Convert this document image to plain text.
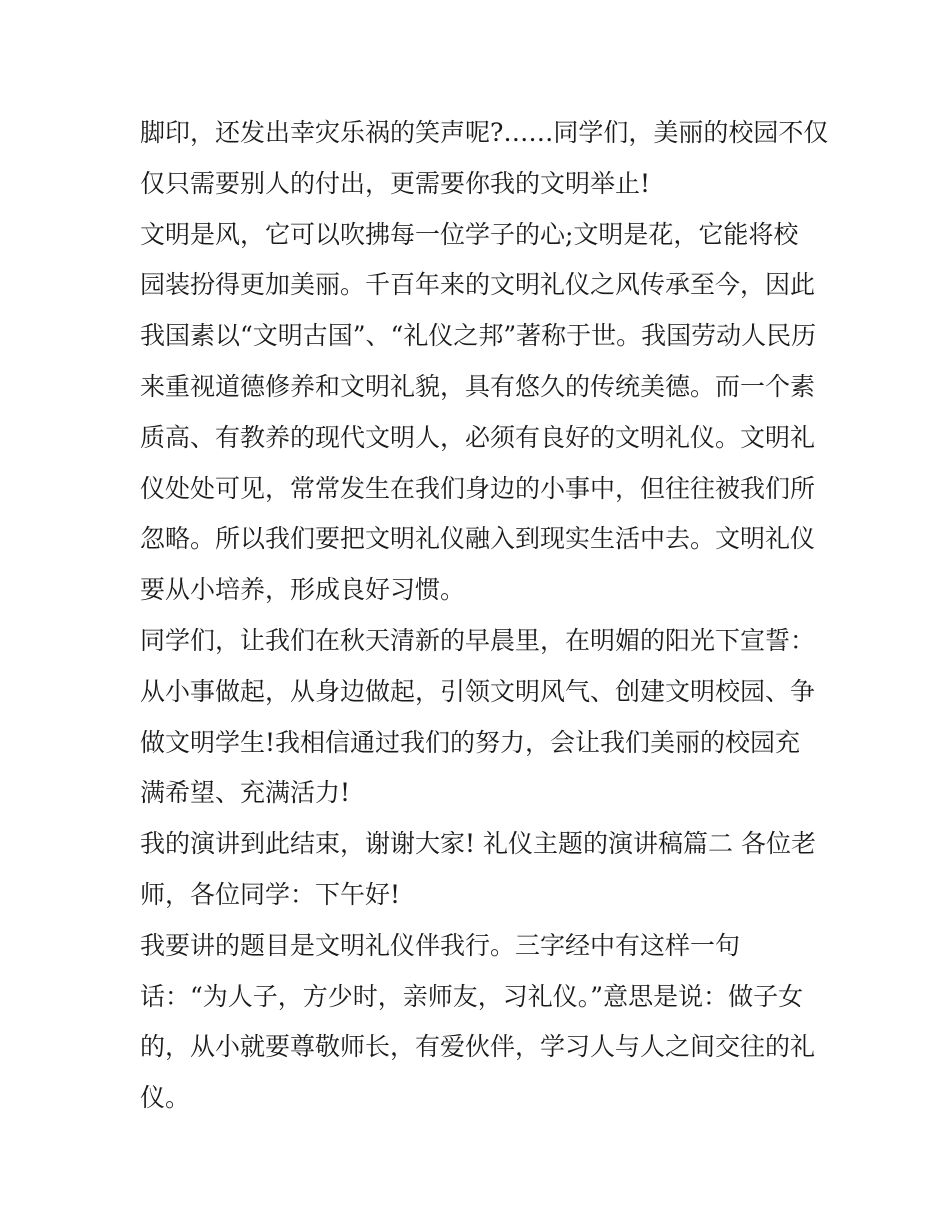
脚印，还发出幸灾乐祸的笑声呢?……同学们，美丽的校园不仅
仅只需要别人的付出，更需要你我的文明举止!
文明是风，它可以吹拂每一位学子的心;文明是花，它能将校
园装扮得更加美丽。千百年来的文明礼仪之风传承至今，因此
我国素以“文明古国”、“礼仪之邦”著称于世。我国劳动人民历
来重视道德修养和文明礼貌，具有悠久的传统美德。而一个素
质高、有教养的现代文明人，必须有良好的文明礼仪。文明礼
仪处处可见，常常发生在我们身边的小事中，但往往被我们所
忽略。所以我们要把文明礼仪融入到现实生活中去。文明礼仪
要从小培养，形成良好习惯。
同学们，让我们在秋天清新的早晨里，在明媚的阳光下宣誓：
从小事做起，从身边做起，引领文明风气、创建文明校园、争
做文明学生!我相信通过我们的努力，会让我们美丽的校园充
满希望、充满活力!
我的演讲到此结束，谢谢大家! 礼仪主题的演讲稿篇二 各位老
师，各位同学：下午好!
我要讲的题目是文明礼仪伴我行。三字经中有这样一句
话：“为人子，方少时，亲师友，习礼仪。”意思是说：做子女
的，从小就要尊敬师长，有爱伙伴，学习人与人之间交往的礼
仪。
